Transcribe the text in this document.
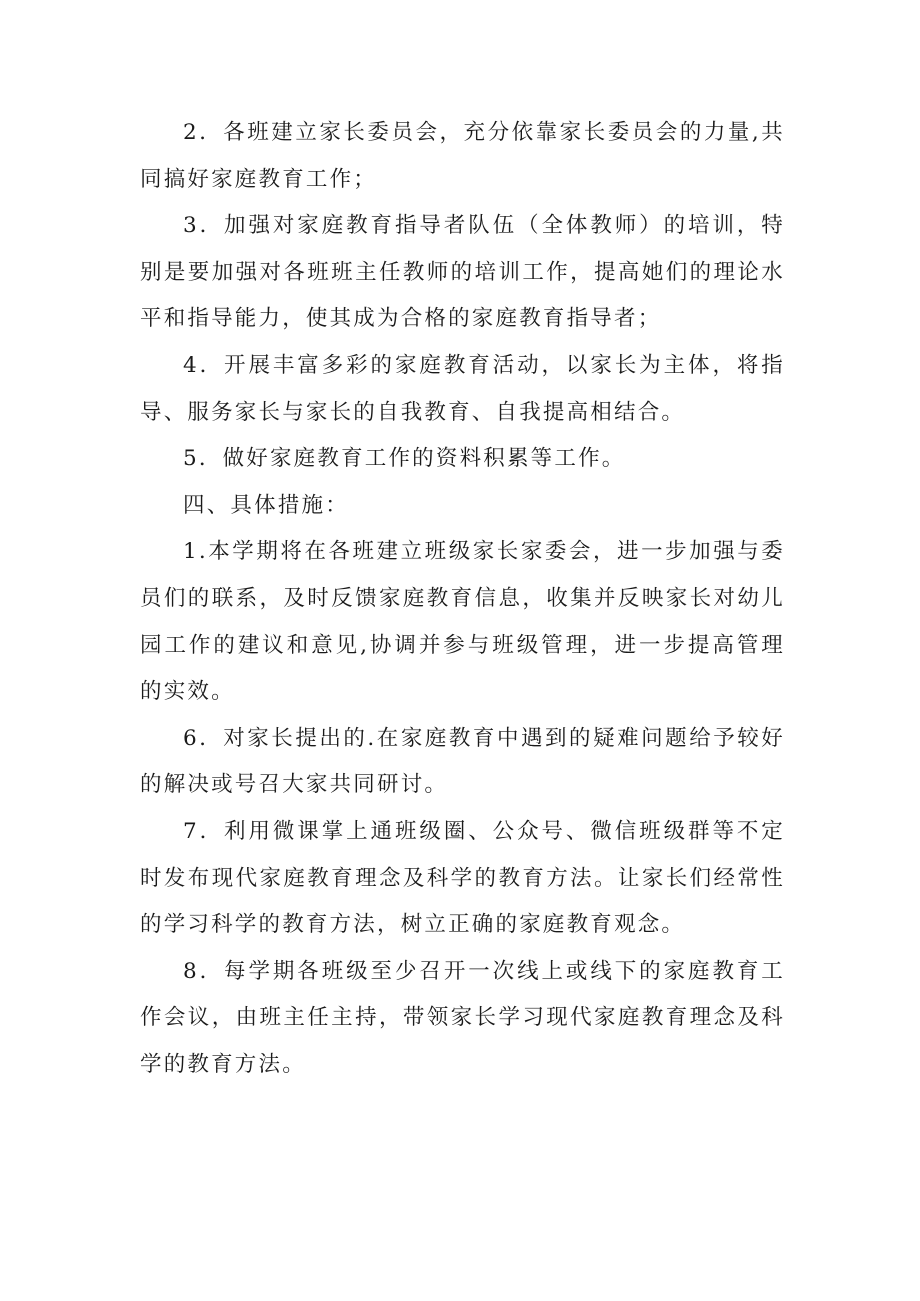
2．各班建立家长委员会，充分依靠家长委员会的力量,共同搞好家庭教育工作；

3．加强对家庭教育指导者队伍（全体教师）的培训，特别是要加强对各班班主任教师的培训工作，提高她们的理论水平和指导能力，使其成为合格的家庭教育指导者；

4．开展丰富多彩的家庭教育活动，以家长为主体，将指导、服务家长与家长的自我教育、自我提高相结合。

5．做好家庭教育工作的资料积累等工作。

四、具体措施：

1.本学期将在各班建立班级家长家委会，进一步加强与委员们的联系，及时反馈家庭教育信息，收集并反映家长对幼儿园工作的建议和意见,协调并参与班级管理，进一步提高管理的实效。

6．对家长提出的.在家庭教育中遇到的疑难问题给予较好的解决或号召大家共同研讨。

7．利用微课掌上通班级圈、公众号、微信班级群等不定时发布现代家庭教育理念及科学的教育方法。让家长们经常性的学习科学的教育方法，树立正确的家庭教育观念。

8．每学期各班级至少召开一次线上或线下的家庭教育工作会议，由班主任主持，带领家长学习现代家庭教育理念及科学的教育方法。
